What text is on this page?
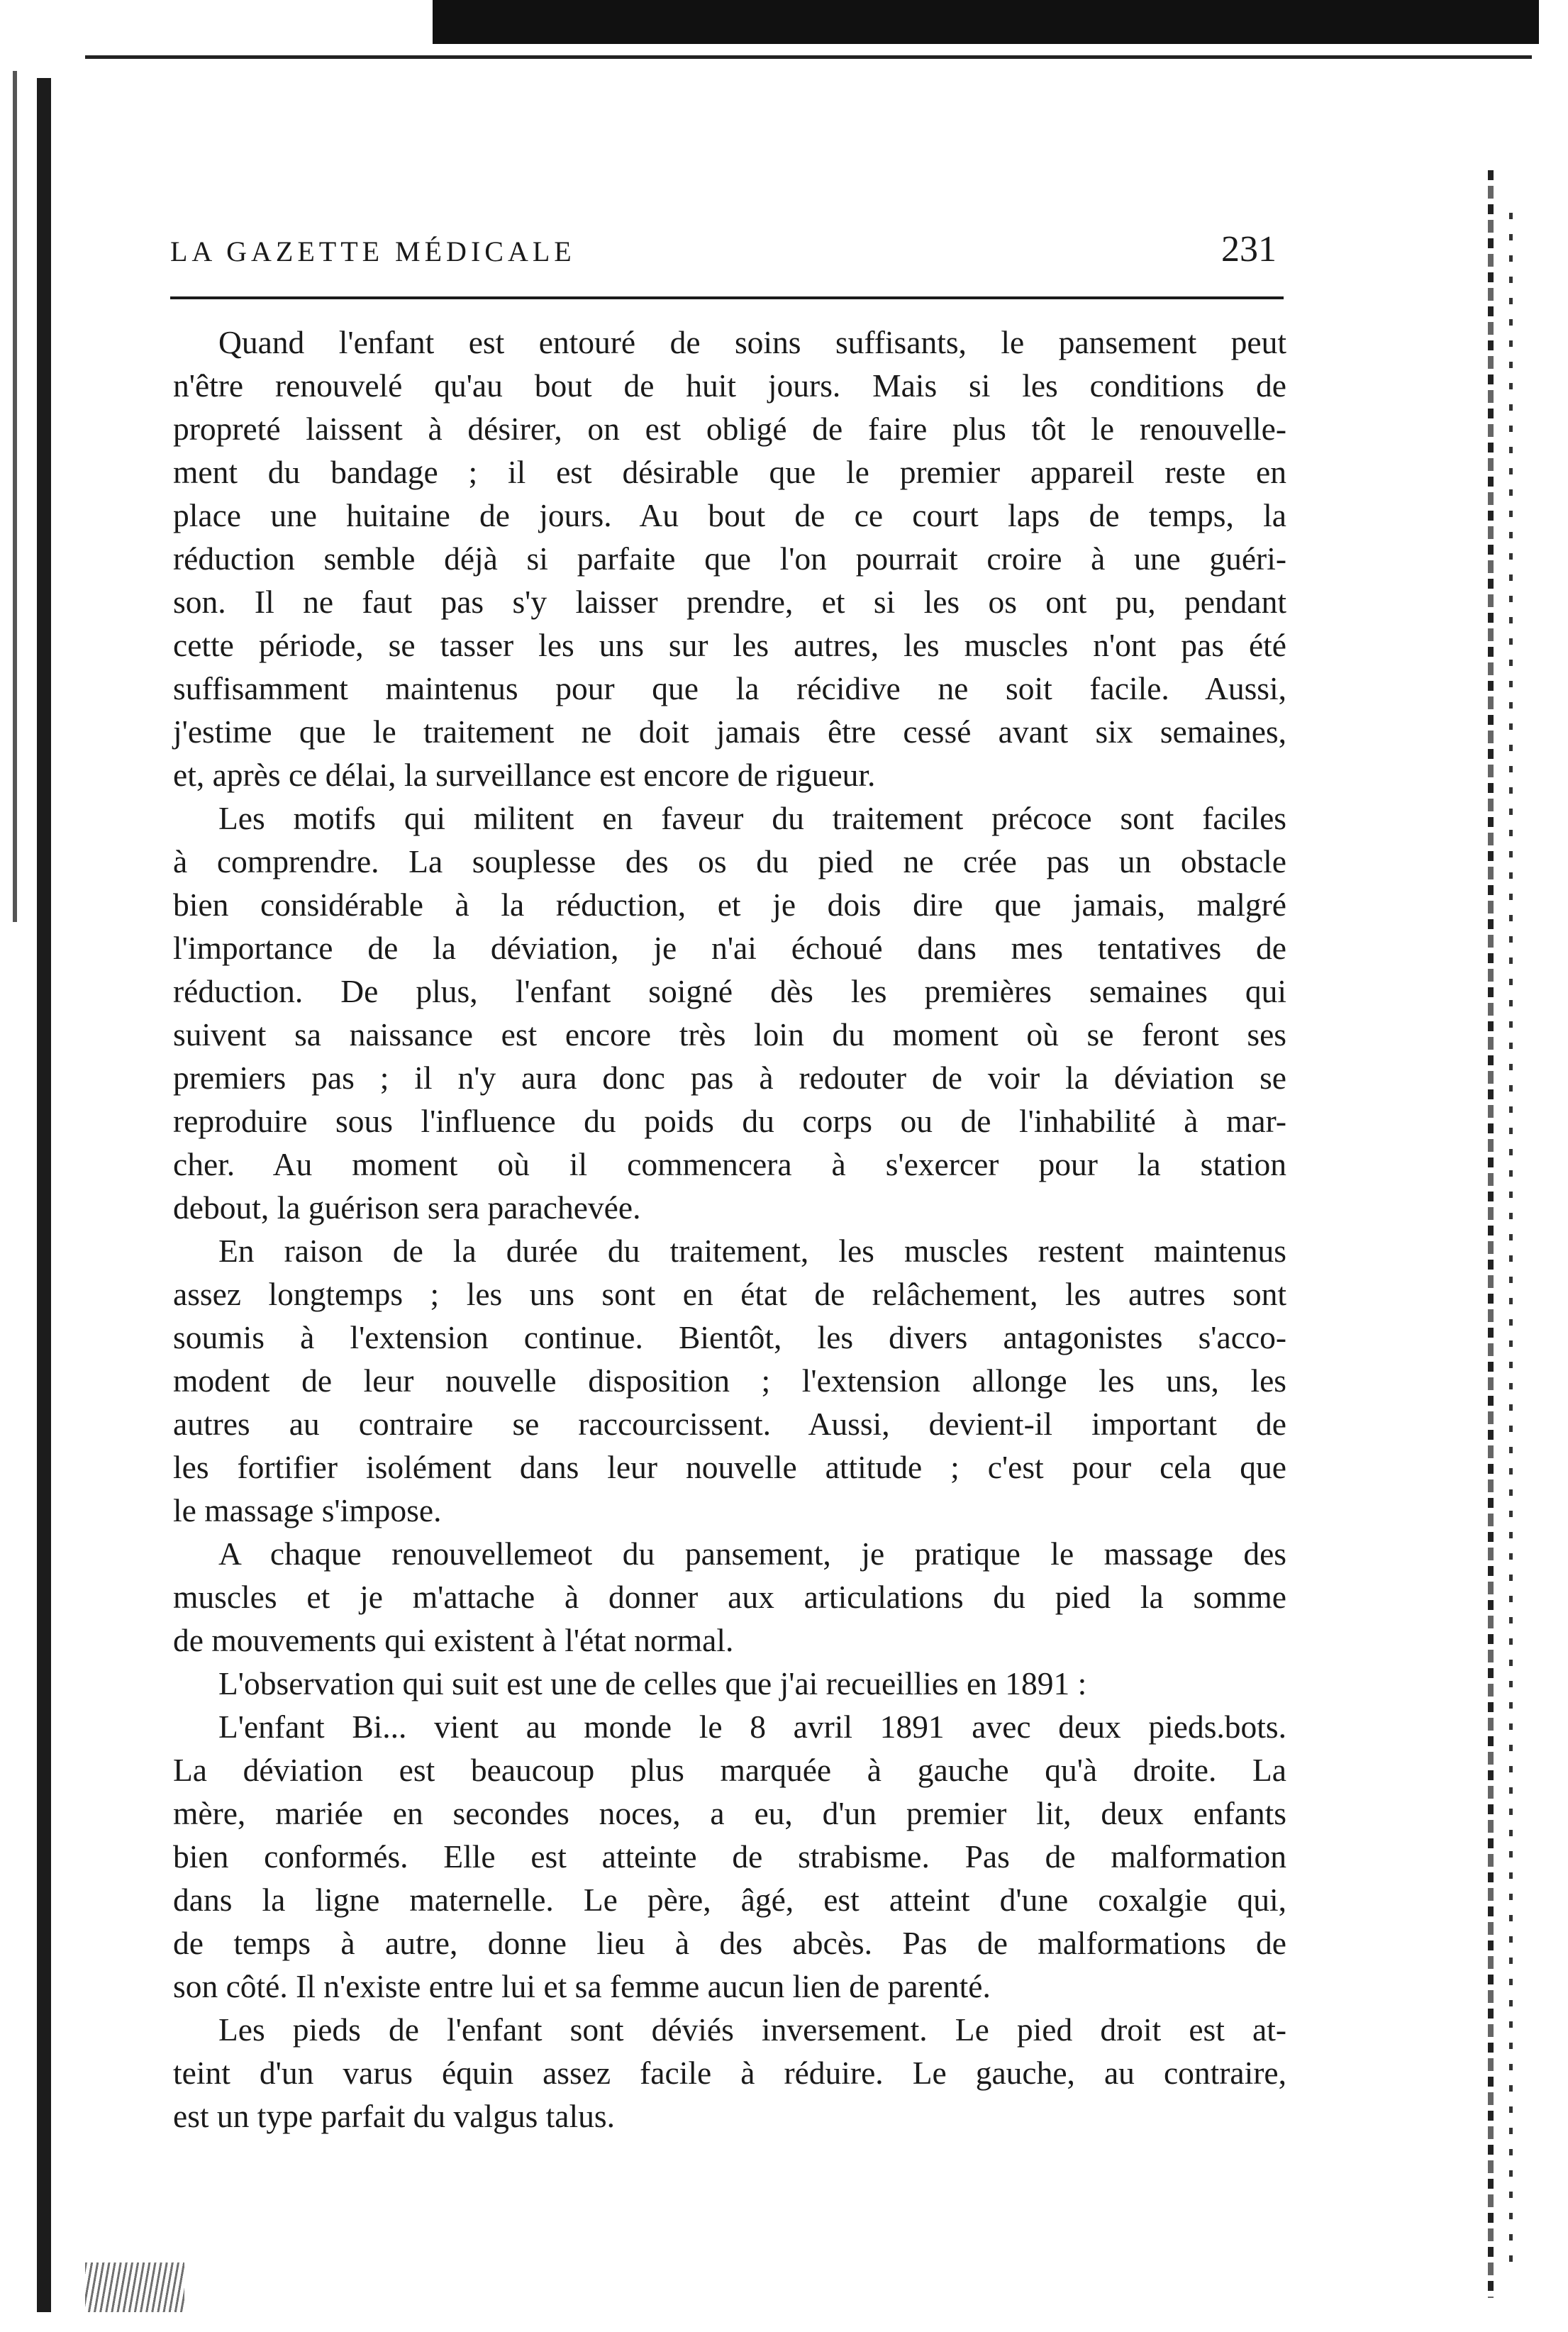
LA GAZETTE MÉDICALE	231
Quand l'enfant est entouré de soins suffisants, le pansement peut
n'être renouvelé qu'au bout de huit jours. Mais si les conditions de
propreté laissent à désirer, on est obligé de faire plus tôt le renouvelle-
ment du bandage ; il est désirable que le premier appareil reste en
place une huitaine de jours. Au bout de ce court laps de temps, la
réduction semble déjà si parfaite que l'on pourrait croire à une guéri-
son. Il ne faut pas s'y laisser prendre, et si les os ont pu, pendant
cette période, se tasser les uns sur les autres, les muscles n'ont pas été
suffisamment maintenus pour que la récidive ne soit facile. Aussi,
j'estime que le traitement ne doit jamais être cessé avant six semaines,
et, après ce délai, la surveillance est encore de rigueur.
Les motifs qui militent en faveur du traitement précoce sont faciles
à comprendre. La souplesse des os du pied ne crée pas un obstacle
bien considérable à la réduction, et je dois dire que jamais, malgré
l'importance de la déviation, je n'ai échoué dans mes tentatives de
réduction. De plus, l'enfant soigné dès les premières semaines qui
suivent sa naissance est encore très loin du moment où se feront ses
premiers pas ; il n'y aura donc pas à redouter de voir la déviation se
reproduire sous l'influence du poids du corps ou de l'inhabilité à mar-
cher. Au moment où il commencera à s'exercer pour la station
debout, la guérison sera parachevée.
En raison de la durée du traitement, les muscles restent maintenus
assez longtemps ; les uns sont en état de relâchement, les autres sont
soumis à l'extension continue. Bientôt, les divers antagonistes s'acco-
modent de leur nouvelle disposition ; l'extension allonge les uns, les
autres au contraire se raccourcissent. Aussi, devient-il important de
les fortifier isolément dans leur nouvelle attitude ; c'est pour cela que
le massage s'impose.
A chaque renouvellemeot du pansement, je pratique le massage des
muscles et je m'attache à donner aux articulations du pied la somme
de mouvements qui existent à l'état normal.
L'observation qui suit est une de celles que j'ai recueillies en 1891 :
L'enfant Bi... vient au monde le 8 avril 1891 avec deux pieds.bots.
La déviation est beaucoup plus marquée à gauche qu'à droite. La
mère, mariée en secondes noces, a eu, d'un premier lit, deux enfants
bien conformés. Elle est atteinte de strabisme. Pas de malformation
dans la ligne maternelle. Le père, âgé, est atteint d'une coxalgie qui,
de temps à autre, donne lieu à des abcès. Pas de malformations de
son côté. Il n'existe entre lui et sa femme aucun lien de parenté.
Les pieds de l'enfant sont déviés inversement. Le pied droit est at-
teint d'un varus équin assez facile à réduire. Le gauche, au contraire,
est un type parfait du valgus talus.
